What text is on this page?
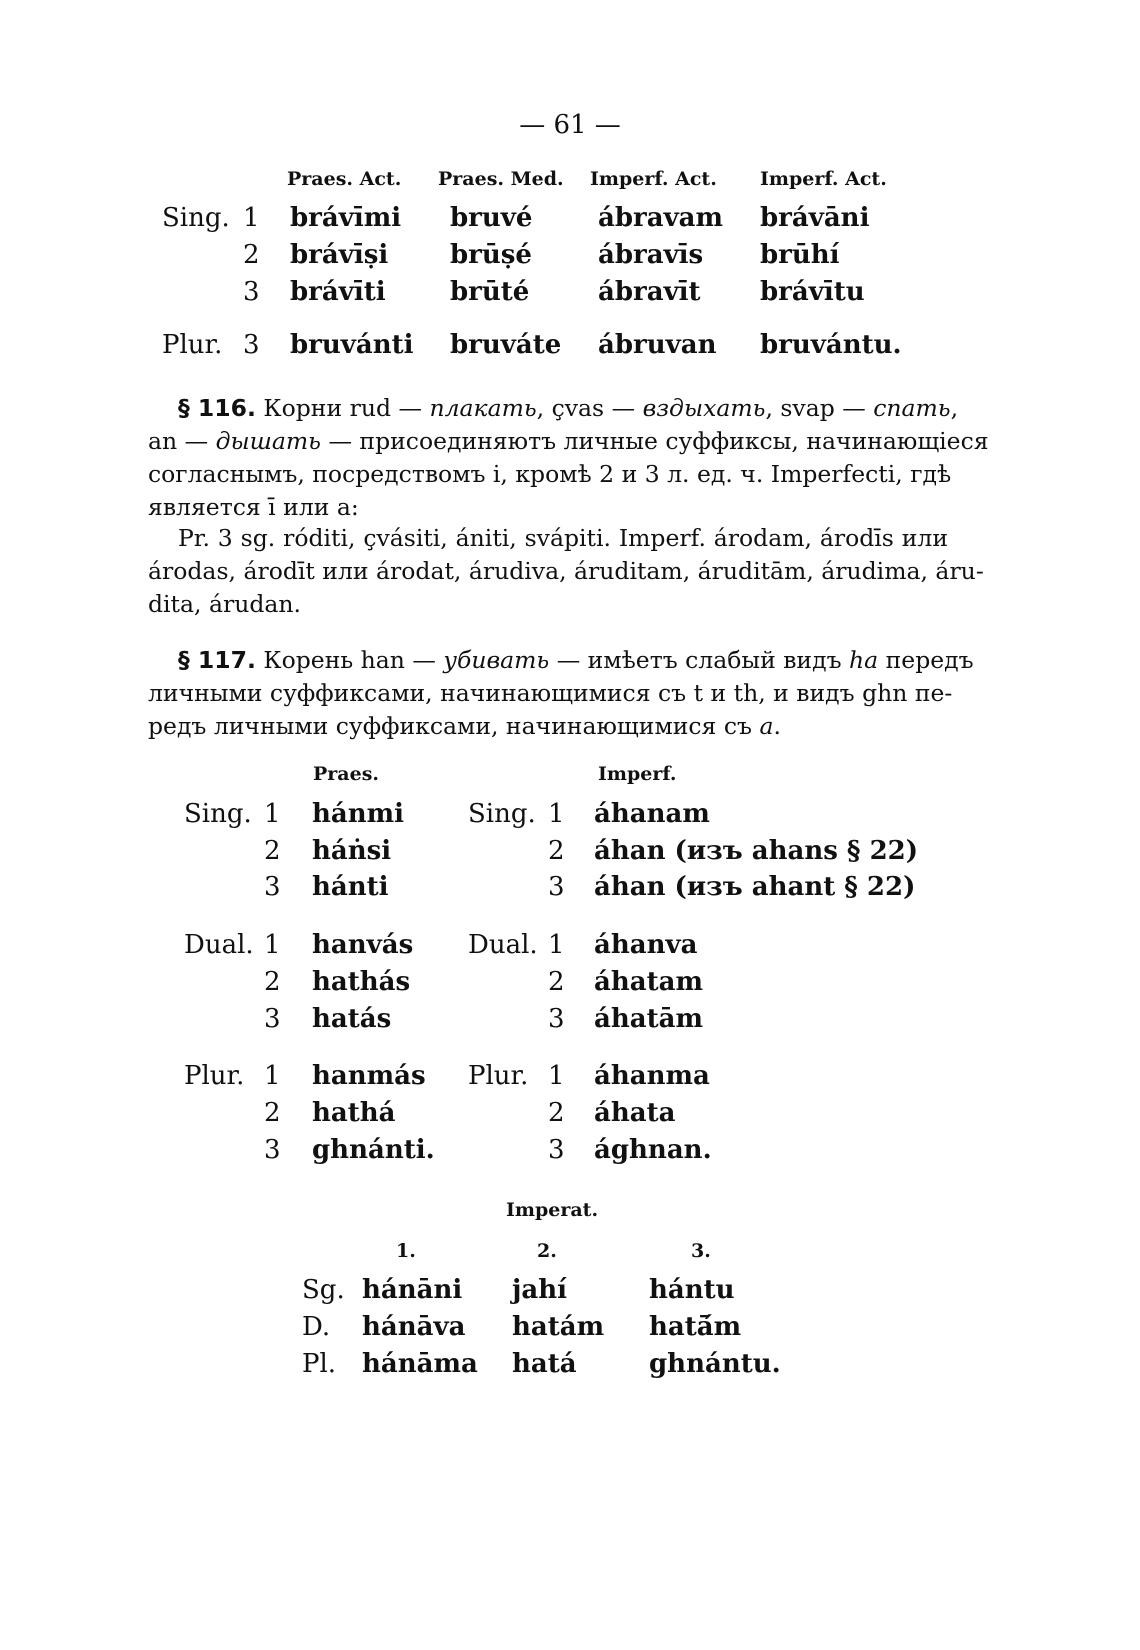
— 61 —
Praes. Act. Praes. Med. Imperf. Act. Imperf. Act.
Sing. 1 brávīmi bruvé	ábravam brávāni
2 brávīṣi brūṣé	ábravīs brūhí
3 brávīti brūté	ábravīt brávītu
Plur. 3 bruvánti bruváte ábruvan bruvántu.
§ 116. Корни rud — плакать, çvas — вздыхать, svap — спать,
an — дышать — присоединяютъ личные суффиксы, начинающіеся
согласнымъ, посредствомъ i, кромѣ 2 и 3 л. ед. ч. Imperfecti, гдѣ
является ī или a:
Pr. 3 sg. róditi, çvásiti, ániti, svápiti. Imperf. árodam, árodīs или
árodas, árodīt или árodat, árudiva, áruditam, áruditām, árudima, áru-
dita, árudan.
§ 117. Корень han — убивать — имѣетъ слабый видъ ha передъ
личными суффиксами, начинающимися съ t и th, и видъ ghn пе-
редъ личными суффиксами, начинающимися съ a.
Praes.	Imperf.
Sing.	Sing.
1 hánmi	1 áhanam
2 háṅsi	2 áhan (изъ ahans § 22)
3 hánti	3 áhan (изъ ahant § 22)
Dual.	Dual.
1 hanvás	1 áhanva
2 hathás	2 áhatam
3 hatás	3 áhatām
Plur.	Plur.
1 hanmás	1 áhanma
2 hathá	2 áhata
3 ghnánti.	3 ághnan.
Imperat.
1.	2.	3.
Sg. hánāni jahí	hántu
D. hánāva hatám hatā́m
Pl. hánāma hatá	ghnántu.
